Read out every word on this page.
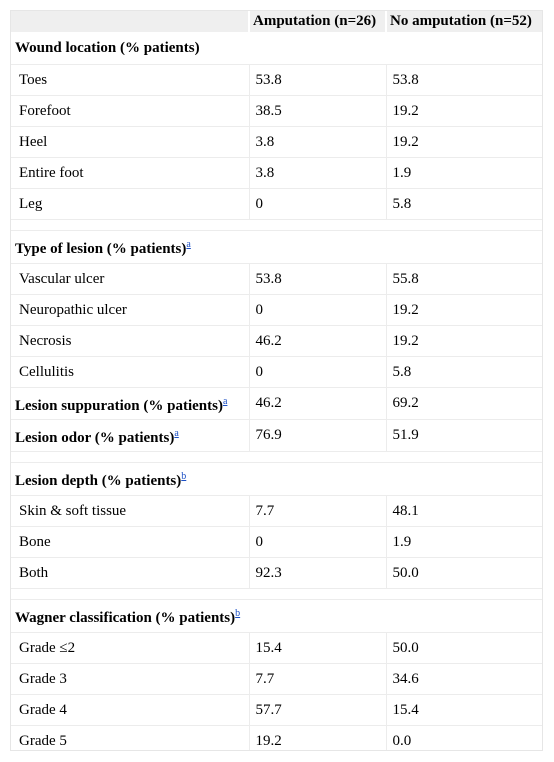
	Amputation (n=26)	No amputation (n=52)
Wound location (% patients)		
Toes	53.8	53.8
Forefoot	38.5	19.2
Heel	3.8	19.2
Entire foot	3.8	1.9
Leg	0	5.8

Type of lesion (% patients)$^a$
Vascular ulcer	53.8	55.8
Neuropathic ulcer	0	19.2
Necrosis	46.2	19.2
Cellulitis	0	5.8
Lesion suppuration (% patients)$^a$	46.2	69.2
Lesion odor (% patients)$^a$	76.9	51.9

Lesion depth (% patients)$^b$
Skin & soft tissue	7.7	48.1
Bone	0	1.9
Both	92.3	50.0

Wagner classification (% patients)$^b$
Grade ≤2	15.4	50.0
Grade 3	7.7	34.6
Grade 4	57.7	15.4
Grade 5	19.2	0.0
